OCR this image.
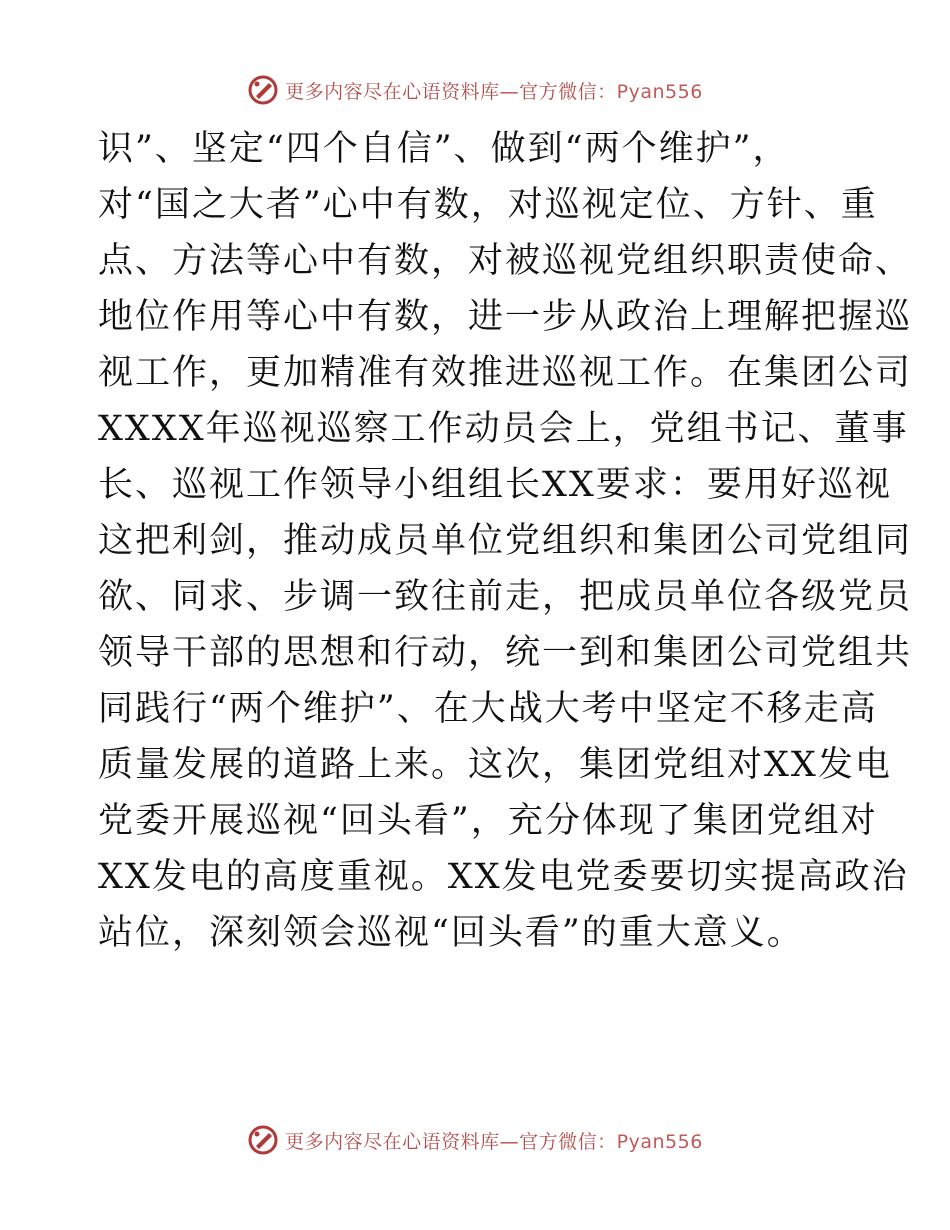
更多内容尽在心语资料库—官方微信：Pyan556
识”、坚定“四个自信”、做到“两个维护”，
对“国之大者”心中有数，对巡视定位、方针、重
点、方法等心中有数，对被巡视党组织职责使命、
地位作用等心中有数，进一步从政治上理解把握巡
视工作，更加精准有效推进巡视工作。在集团公司
XXXX年巡视巡察工作动员会上，党组书记、董事
长、巡视工作领导小组组长XX要求：要用好巡视
这把利剑，推动成员单位党组织和集团公司党组同
欲、同求、步调一致往前走，把成员单位各级党员
领导干部的思想和行动，统一到和集团公司党组共
同践行“两个维护”、在大战大考中坚定不移走高
质量发展的道路上来。这次，集团党组对XX发电
党委开展巡视“回头看”，充分体现了集团党组对
XX发电的高度重视。XX发电党委要切实提高政治
站位，深刻领会巡视“回头看”的重大意义。
更多内容尽在心语资料库—官方微信：Pyan556
